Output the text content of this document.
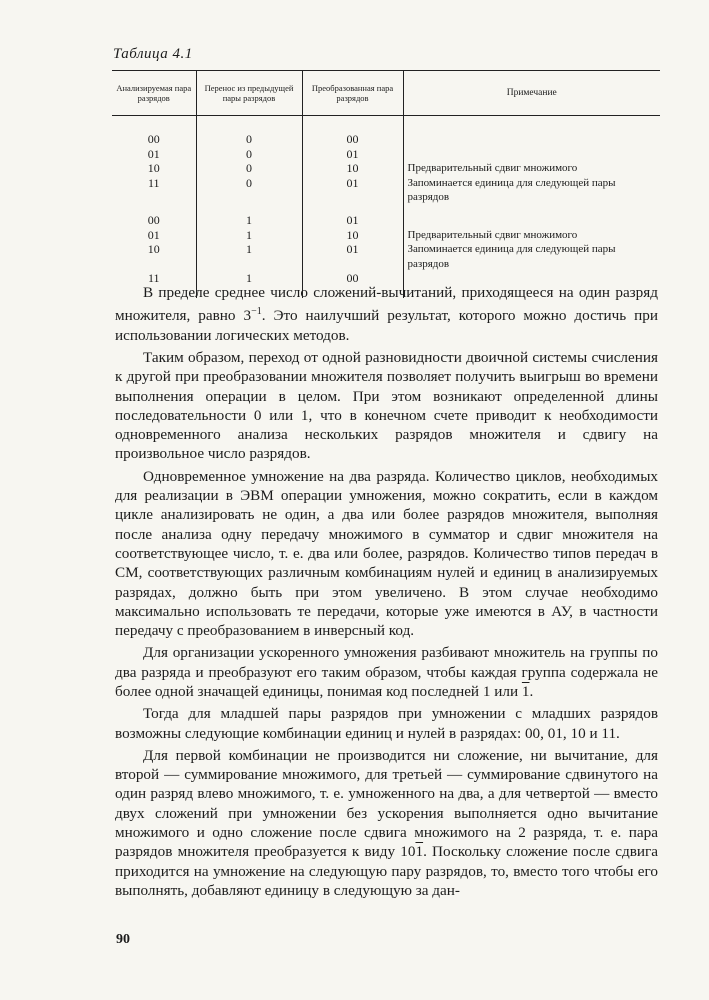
Таблица 4.1
Анализируемая пара разрядов	Перенос из предыдущей пары разрядов	Преобразованная пара разрядов	Примечание

00	0	00	
01	0	01	
10	0	10	Предварительный сдвиг множимого
11	0	01	Запоминается единица для следующей пары разрядов

00	1	01	
01	1	10	Предварительный сдвиг множимого
10	1	01	Запоминается единица для следующей пары разрядов
11	1	00	

В пределе среднее число сложений-вычитаний, приходящееся на один разряд множителя, равно $3^{-1}$. Это наилучший результат, которого можно достичь при использовании логических методов.

Таким образом, переход от одной разновидности двоичной системы счисления к другой при преобразовании множителя позволяет получить выигрыш во времени выполнения операции в целом. При этом возникают определенной длины последовательности 0 или 1, что в конечном счете приводит к необходимости одновременного анализа нескольких разрядов множителя и сдвигу на произвольное число разрядов.

Одновременное умножение на два разряда. Количество циклов, необходимых для реализации в ЭВМ операции умножения, можно сократить, если в каждом цикле анализировать не один, а два или более разрядов множителя, выполняя после анализа одну передачу множимого в сумматор и сдвиг множителя на соответствующее число, т. е. два или более, разрядов. Количество типов передач в СМ, соответствующих различным комбинациям нулей и единиц в анализируемых разрядах, должно быть при этом увеличено. В этом случае необходимо максимально использовать те передачи, которые уже имеются в АУ, в частности передачу с преобразованием в инверсный код.

Для организации ускоренного умножения разбивают множитель на группы по два разряда и преобразуют его таким образом, чтобы каждая группа содержала не более одной значащей единицы, понимая код последней 1 или 1.

Тогда для младшей пары разрядов при умножении с младших разрядов возможны следующие комбинации единиц и нулей в разрядах: 00, 01, 10 и 11.

Для первой комбинации не производится ни сложение, ни вычитание, для второй — суммирование множимого, для третьей — суммирование сдвинутого на один разряд влево множимого, т. е. умноженного на два, а для четвертой — вместо двух сложений при умножении без ускорения выполняется одно вычитание множимого и одно сложение после сдвига множимого на 2 разряда, т. е. пара разрядов множителя преобразуется к виду 101. Поскольку сложение после сдвига приходится на умножение на следующую пару разрядов, то, вместо того чтобы его выполнять, добавляют единицу в следующую за дан-

90
